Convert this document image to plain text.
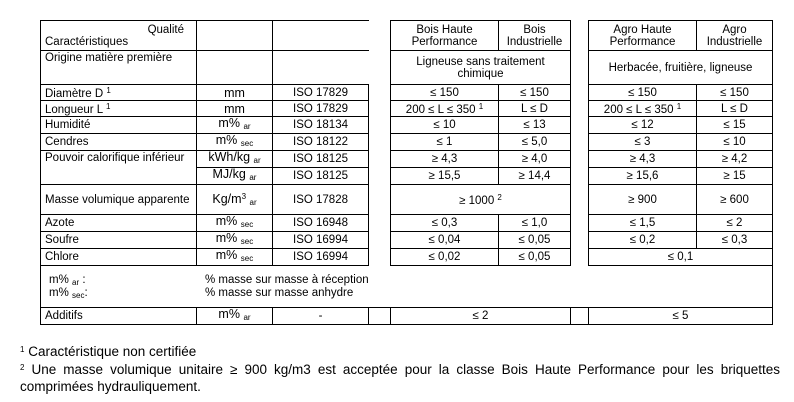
Qualité
Caractéristiques				Bois Haute Performance	Bois Industrielle		Agro Haute Performance	Agro Industrielle
Origine matière première				Ligneuse sans traitement chimique			Herbacée, fruitière, ligneuse	
Diamètre D $^1$	mm	ISO 17829		≤ 150	≤ 150		≤ 150	≤ 150
Longueur L $^1$	mm	ISO 17829		200 ≤ L ≤ 350 $^1$	L ≤ D		200 ≤ L ≤ 350 $^1$	L ≤ D
Humidité	m% $_{ar}$	ISO 18134		≤ 10	≤ 13		≤ 12	≤ 15
Cendres	m% $_{sec}$	ISO 18122		≤ 1	≤ 5,0		≤ 3	≤ 10
Pouvoir calorifique inférieur	kWh/kg $_{ar}$	ISO 18125		≥ 4,3	≥ 4,0		≥ 4,3	≥ 4,2
	MJ/kg $_{ar}$	ISO 18125		≥ 15,5	≥ 14,4		≥ 15,6	≥ 15
Masse volumique apparente	$Kg/m^3$ $_{ar}$	ISO 17828		≥ 1000 $^2$			≥ 900	≥ 600
Azote	m% $_{sec}$	ISO 16948		≤ 0,3	≤ 1,0		≤ 1,5	≤ 2
Soufre	m% $_{sec}$	ISO 16994		≤ 0,04	≤ 0,05		≤ 0,2	≤ 0,3
Chlore	m% $_{sec}$	ISO 16994		≤ 0,02	≤ 0,05		≤ 0,1	

m% $_{ar}$ : % masse sur masse à réception
m% $_{sec}$: % masse sur masse anhydre								

Additifs	m% $_{ar}$	-		≤ 2			≤ 5	
$^1$ Caractéristique non certifiée
$^2$ Une masse volumique unitaire ≥ 900 kg/m3 est acceptée pour la classe Bois Haute Performance pour les briquettes comprimées hydrauliquement.
